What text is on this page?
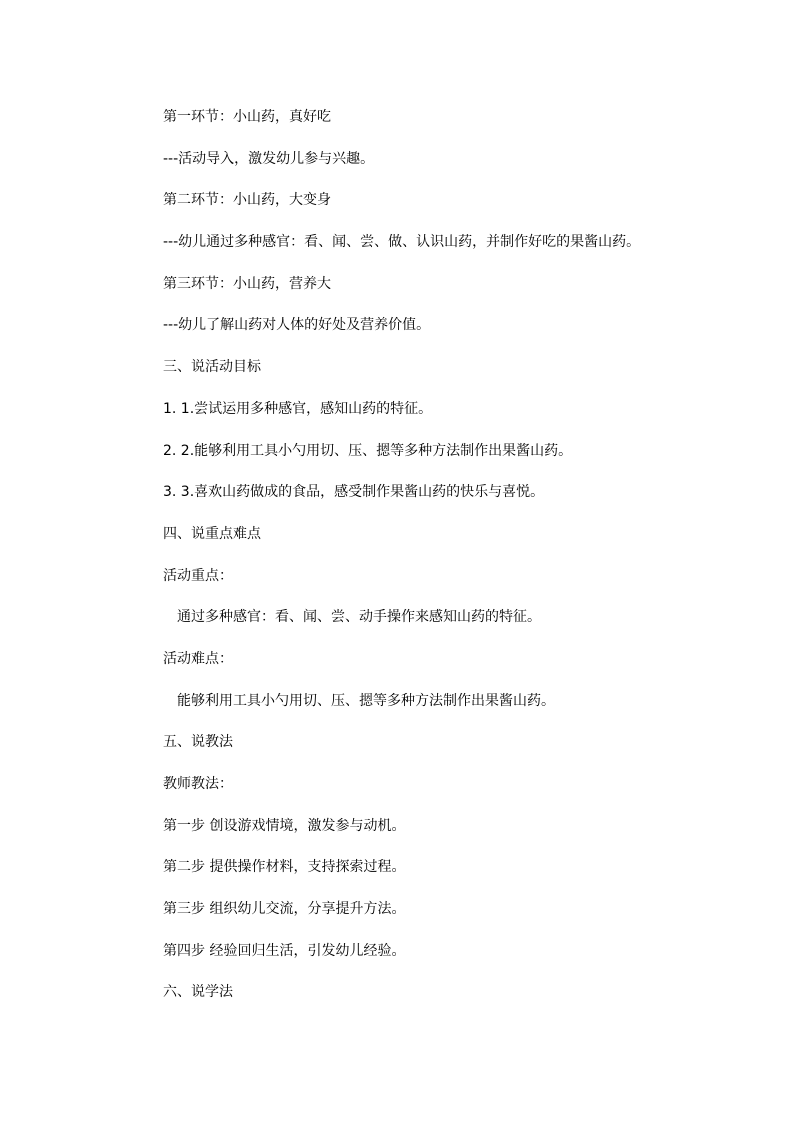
第一环节：小山药，真好吃
---活动导入，激发幼儿参与兴趣。
第二环节：小山药，大变身
---幼儿通过多种感官：看、闻、尝、做、认识山药，并制作好吃的果酱山药。
第三环节：小山药，营养大
---幼儿了解山药对人体的好处及营养价值。
三、说活动目标
1. 1.尝试运用多种感官，感知山药的特征。
2. 2.能够利用工具小勺用切、压、摁等多种方法制作出果酱山药。
3. 3.喜欢山药做成的食品，感受制作果酱山药的快乐与喜悦。
四、说重点难点
活动重点：
通过多种感官：看、闻、尝、动手操作来感知山药的特征。
活动难点：
能够利用工具小勺用切、压、摁等多种方法制作出果酱山药。
五、说教法
教师教法：
第一步 创设游戏情境，激发参与动机。
第二步 提供操作材料，支持探索过程。
第三步 组织幼儿交流，分享提升方法。
第四步 经验回归生活，引发幼儿经验。
六、说学法
